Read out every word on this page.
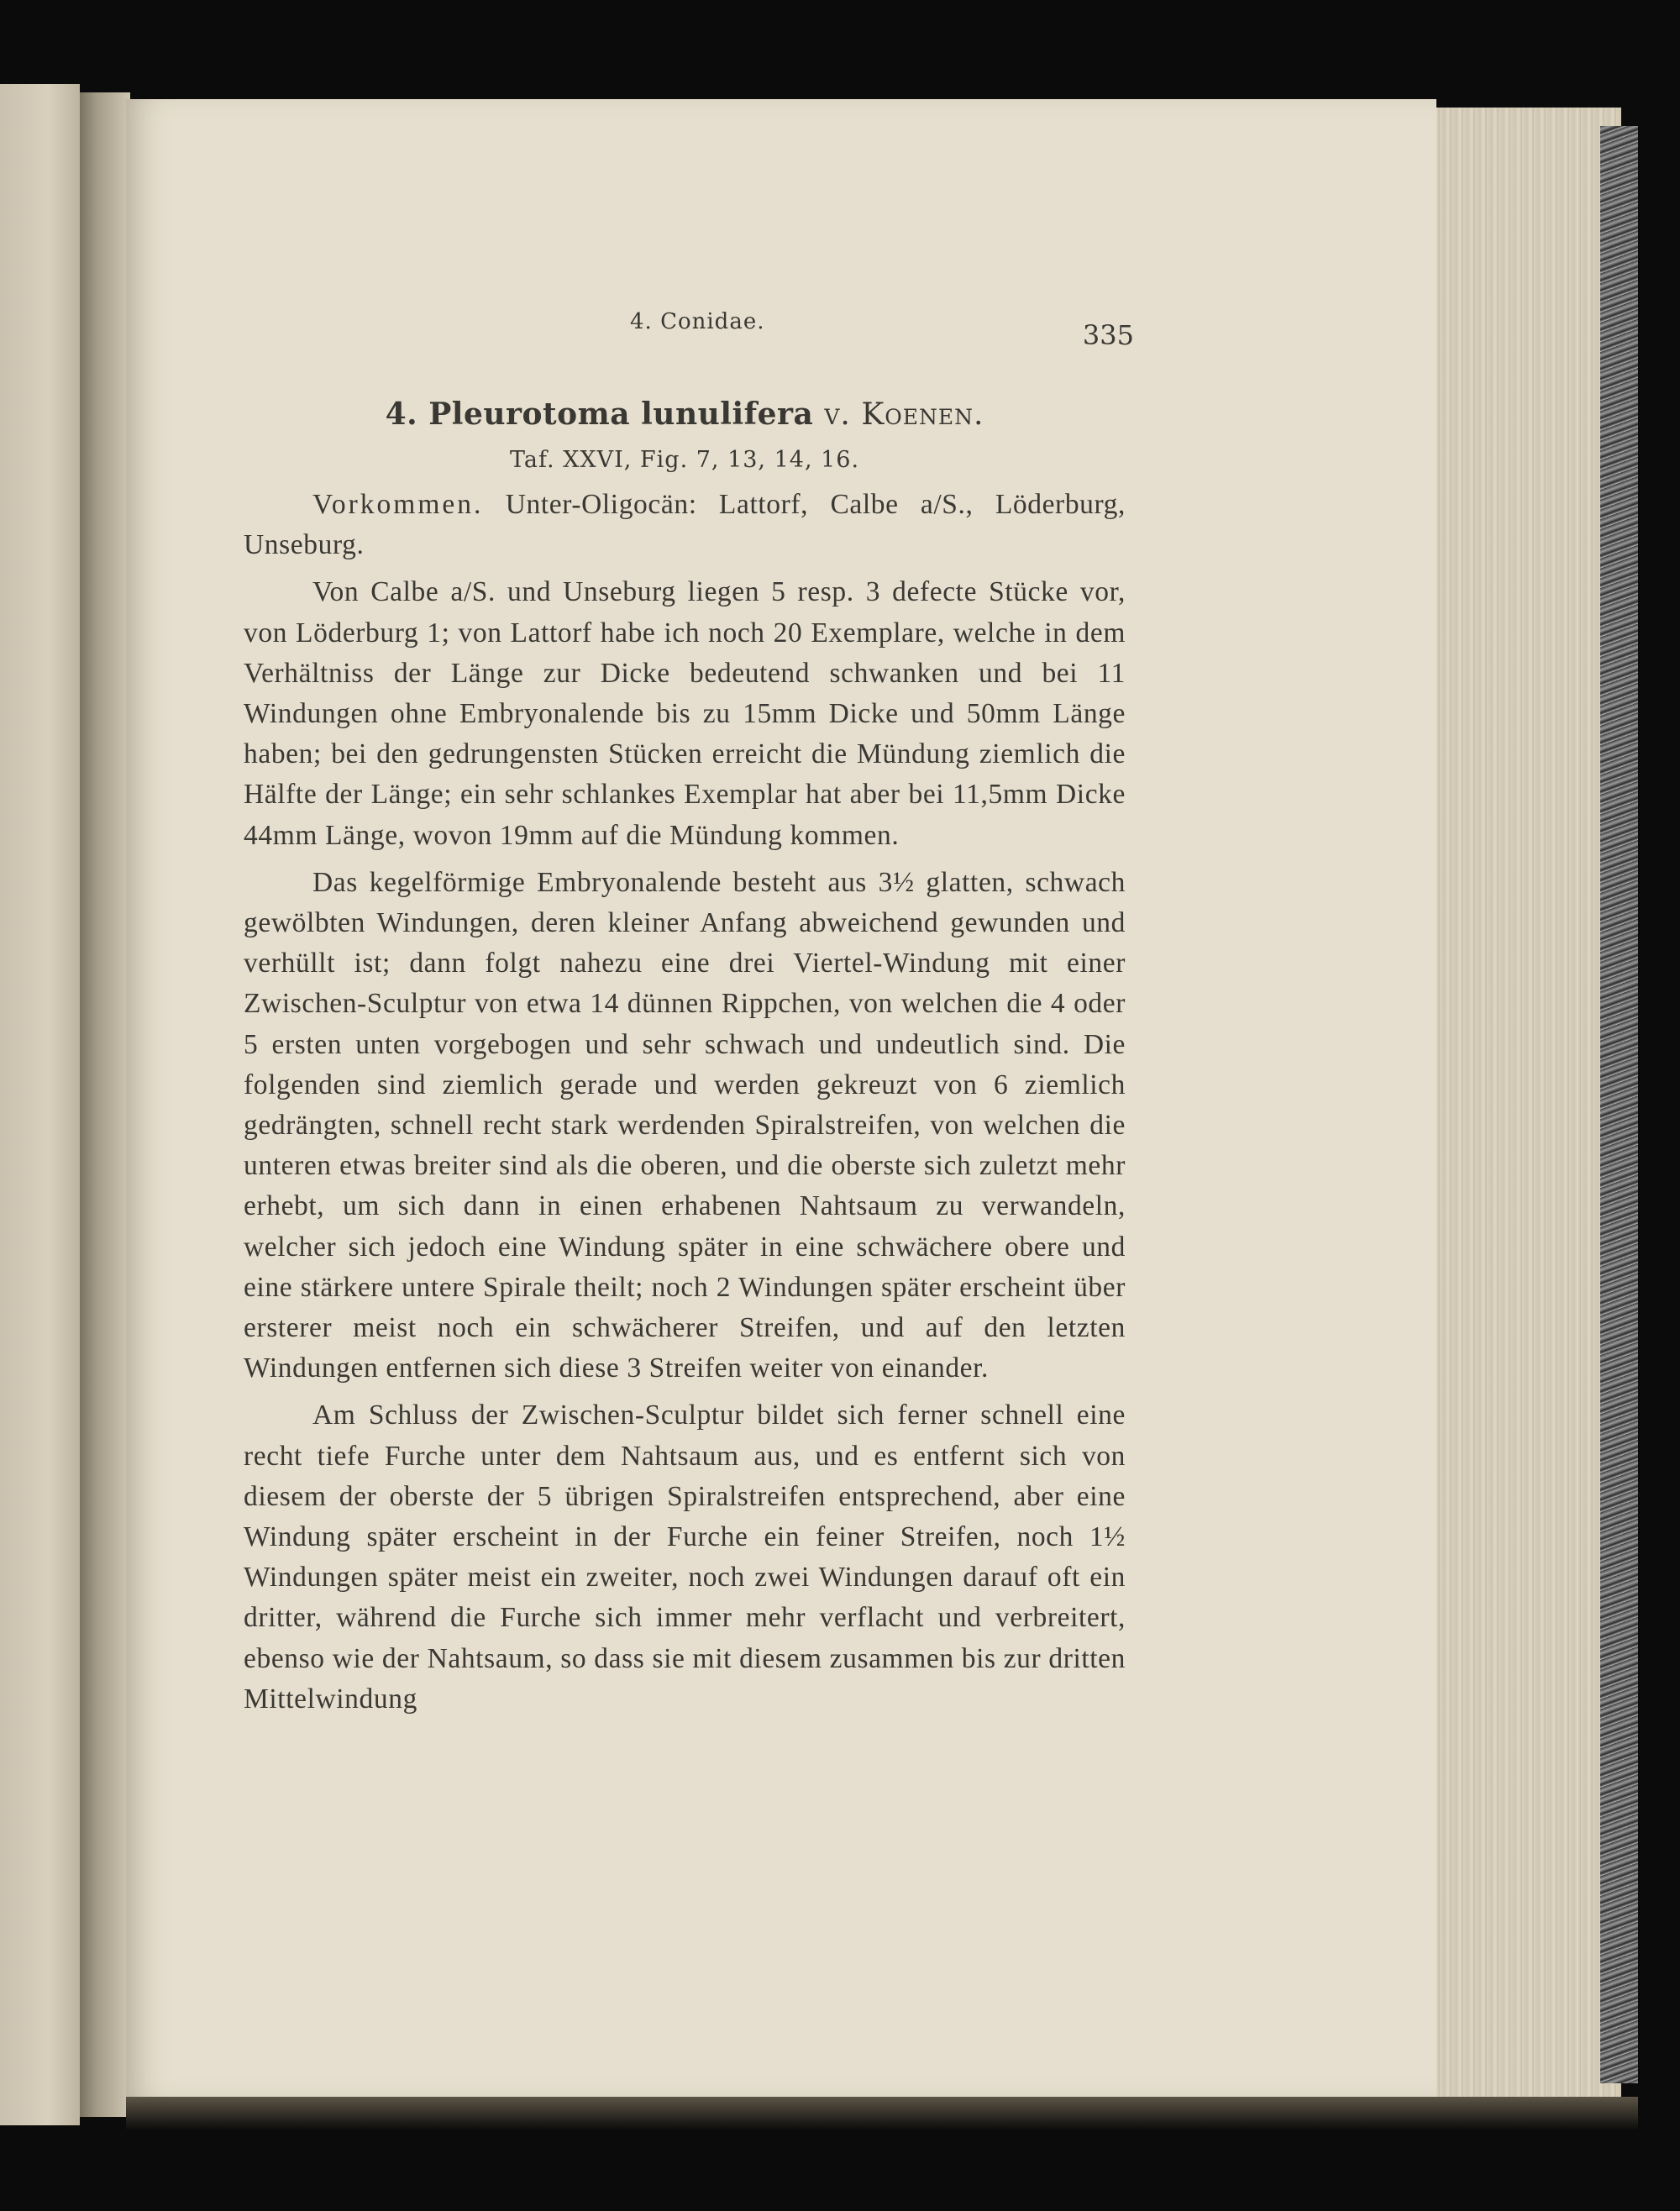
4. Conidae.	335
4. Pleurotoma lunulifera v. Koenen.
Taf. XXVI, Fig. 7, 13, 14, 16.

Vorkommen. Unter-Oligocän: Lattorf, Calbe a/S., Löderburg, Unseburg.

Von Calbe a/S. und Unseburg liegen 5 resp. 3 defecte Stücke vor, von Löderburg 1; von Lattorf habe ich noch 20 Exemplare, welche in dem Verhältniss der Länge zur Dicke bedeutend schwanken und bei 11 Windungen ohne Embryonalende bis zu 15mm Dicke und 50mm Länge haben; bei den gedrungensten Stücken erreicht die Mündung ziemlich die Hälfte der Länge; ein sehr schlankes Exemplar hat aber bei 11,5mm Dicke 44mm Länge, wovon 19mm auf die Mündung kommen.

Das kegelförmige Embryonalende besteht aus 3½ glatten, schwach gewölbten Windungen, deren kleiner Anfang abweichend gewunden und verhüllt ist; dann folgt nahezu eine drei Viertel-Windung mit einer Zwischen-Sculptur von etwa 14 dünnen Rippchen, von welchen die 4 oder 5 ersten unten vorgebogen und sehr schwach und undeutlich sind. Die folgenden sind ziemlich gerade und werden gekreuzt von 6 ziemlich gedrängten, schnell recht stark werdenden Spiralstreifen, von welchen die unteren etwas breiter sind als die oberen, und die oberste sich zuletzt mehr erhebt, um sich dann in einen erhabenen Nahtsaum zu verwandeln, welcher sich jedoch eine Windung später in eine schwächere obere und eine stärkere untere Spirale theilt; noch 2 Windungen später erscheint über ersterer meist noch ein schwächerer Streifen, und auf den letzten Windungen entfernen sich diese 3 Streifen weiter von einander.

Am Schluss der Zwischen-Sculptur bildet sich ferner schnell eine recht tiefe Furche unter dem Nahtsaum aus, und es entfernt sich von diesem der oberste der 5 übrigen Spiralstreifen entsprechend, aber eine Windung später erscheint in der Furche ein feiner Streifen, noch 1½ Windungen später meist ein zweiter, noch zwei Windungen darauf oft ein dritter, während die Furche sich immer mehr verflacht und verbreitert, ebenso wie der Nahtsaum, so dass sie mit diesem zusammen bis zur dritten Mittelwindung
